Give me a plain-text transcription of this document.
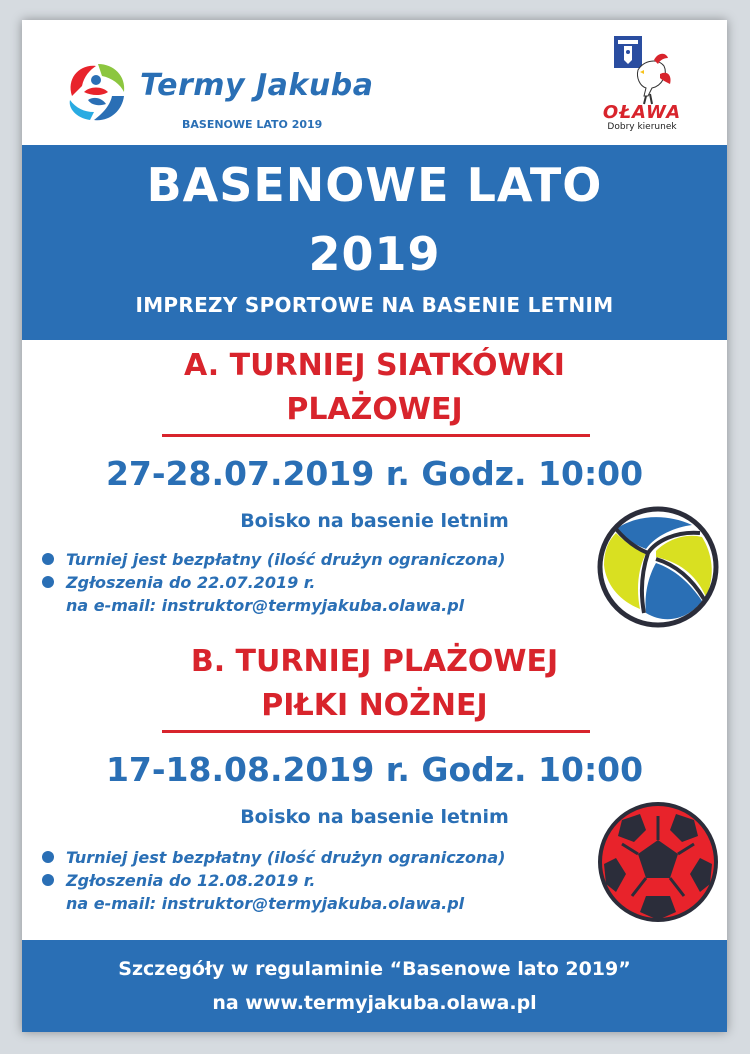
Termy Jakuba
BASENOWE LATO 2019
OŁAWA
Dobry kierunek
BASENOWE LATO
2019
IMPREZY SPORTOWE NA BASENIE LETNIM
A. TURNIEJ SIATKÓWKI
PLAŻOWEJ
27-28.07.2019 r. Godz. 10:00
Boisko na basenie letnim
Turniej jest bezpłatny (ilość drużyn ograniczona)
Zgłoszenia do 22.07.2019 r.
na e-mail: instruktor@termyjakuba.olawa.pl
B. TURNIEJ PLAŻOWEJ
PIŁKI NOŻNEJ
17-18.08.2019 r. Godz. 10:00
Boisko na basenie letnim
Turniej jest bezpłatny (ilość drużyn ograniczona)
Zgłoszenia do 12.08.2019 r.
na e-mail: instruktor@termyjakuba.olawa.pl
Szczegóły w regulaminie “Basenowe lato 2019”
na www.termyjakuba.olawa.pl
